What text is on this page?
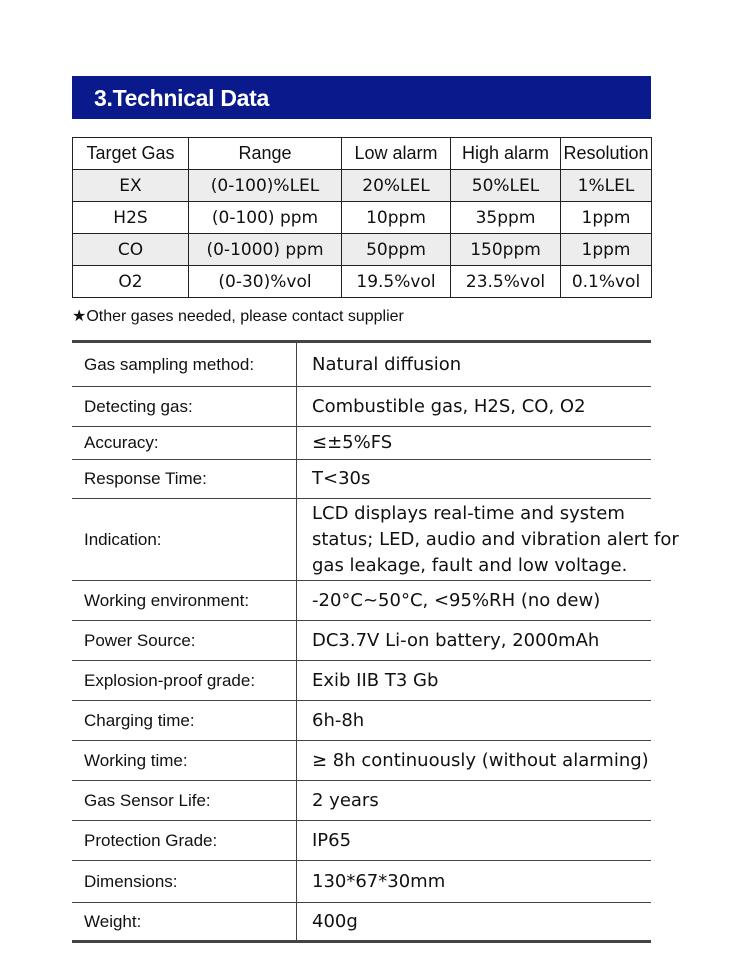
3.Technical Data
Target Gas	Range	Low alarm	High alarm	Resolution
EX	(0-100)%LEL	20%LEL	50%LEL	1%LEL
H2S	(0-100) ppm	10ppm	35ppm	1ppm
CO	(0-1000) ppm	50ppm	150ppm	1ppm
O2	(0-30)%vol	19.5%vol	23.5%vol	0.1%vol
★Other gases needed, please contact supplier
Gas sampling method:	Natural diffusion
Detecting gas:	Combustible gas, H2S, CO, O2
Accuracy:	≤±5%FS
Response Time:	T<30s
Indication:	LCD displays real-time and system
status; LED, audio and vibration alert for
gas leakage, fault and low voltage.

Working environment:	-20°C~50°C, <95%RH (no dew)
Power Source:	DC3.7V Li-on battery, 2000mAh
Explosion-proof grade:	Exib IIB T3 Gb
Charging time:	6h-8h
Working time:	≥ 8h continuously (without alarming)
Gas Sensor Life:	2 years
Protection Grade:	IP65
Dimensions:	130*67*30mm
Weight:	400g
